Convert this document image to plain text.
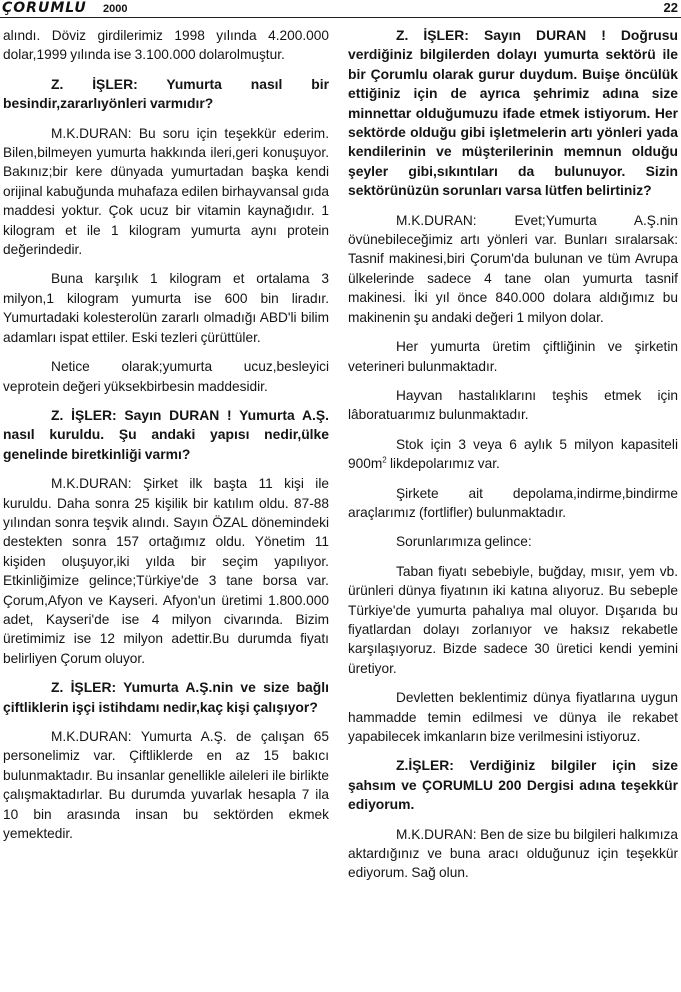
ÇORUMLU 2000	22

alındı. Döviz girdilerimiz 1998 yılında 4.200.000 dolar,1999 yılında ise 3.100.000 dolarolmuştur.

Z. İŞLER: Yumurta nasıl bir besindir,zararlıyönleri varmıdır?

M.K.DURAN: Bu soru için teşekkür ederim. Bilen,bilmeyen yumurta hakkında ileri,geri konuşuyor. Bakınız;bir kere dünyada yumurtadan başka kendi orijinal kabuğunda muhafaza edilen birhayvansal gıda maddesi yoktur. Çok ucuz bir vitamin kaynağıdır. 1 kilogram et ile 1 kilogram yumurta aynı protein değerindedir.

Buna karşılık 1 kilogram et ortalama 3 milyon,1 kilogram yumurta ise 600 bin liradır. Yumurtadaki kolesterolün zararlı olmadığı ABD'li bilim adamları ispat ettiler. Eski tezleri çürüttüler.

Netice olarak;yumurta ucuz,besleyici veprotein değeri yüksekbirbesin maddesidir.

Z. İŞLER: Sayın DURAN ! Yumurta A.Ş. nasıl kuruldu. Şu andaki yapısı nedir,ülke genelinde biretkinliği varmı?

M.K.DURAN: Şirket ilk başta 11 kişi ile kuruldu. Daha sonra 25 kişilik bir katılım oldu. 87-88 yılından sonra teşvik alındı. Sayın ÖZAL dönemindeki destekten sonra 157 ortağımız oldu. Yönetim 11 kişiden oluşuyor,iki yılda bir seçim yapılıyor. Etkinliğimize gelince;Türkiye'de 3 tane borsa var. Çorum,Afyon ve Kayseri. Afyon'un üretimi 1.800.000 adet, Kayseri'de ise 4 milyon civarında. Bizim üretimimiz ise 12 milyon adettir.Bu durumda fiyatı belirliyen Çorum oluyor.

Z. İŞLER: Yumurta A.Ş.nin ve size bağlı çiftliklerin işçi istihdamı nedir,kaç kişi çalışıyor?

M.K.DURAN: Yumurta A.Ş. de çalışan 65 personelimiz var. Çiftliklerde en az 15 bakıcı bulunmaktadır. Bu insanlar genellikle aileleri ile birlikte çalışmaktadırlar. Bu durumda yuvarlak hesapla 7 ila 10 bin arasında insan bu sektörden ekmek yemektedir.

Z. İŞLER: Sayın DURAN ! Doğrusu verdiğiniz bilgilerden dolayı yumurta sektörü ile bir Çorumlu olarak gurur duydum. Buişe öncülük ettiğiniz için de ayrıca şehrimiz adına size minnettar olduğumuzu ifade etmek istiyorum. Her sektörde olduğu gibi işletmelerin artı yönleri yada kendilerinin ve müşterilerinin memnun olduğu şeyler gibi,sıkıntıları da bulunuyor. Sizin sektörünüzün sorunları varsa lütfen belirtiniz?

M.K.DURAN: Evet;Yumurta A.Ş.nin övünebileceğimiz artı yönleri var. Bunları sıralarsak: Tasnif makinesi,biri Çorum'da bulunan ve tüm Avrupa ülkelerinde sadece 4 tane olan yumurta tasnif makinesi. İki yıl önce 840.000 dolara aldığımız bu makinenin şu andaki değeri 1 milyon dolar.

Her yumurta üretim çiftliğinin ve şirketin veterineri bulunmaktadır.

Hayvan hastalıklarını teşhis etmek için lâboratuarımız bulunmaktadır.

Stok için 3 veya 6 aylık 5 milyon kapasiteli $900m^2$ likdepolarımız var.

Şirkete ait depolama,indirme,bindirme araçlarımız (fortlifler) bulunmaktadır.

Sorunlarımıza gelince:

Taban fiyatı sebebiyle, buğday, mısır, yem vb. ürünleri dünya fiyatının iki katına alıyoruz. Bu sebeple Türkiye'de yumurta pahalıya mal oluyor. Dışarıda bu fiyatlardan dolayı zorlanıyor ve haksız rekabetle karşılaşıyoruz. Bizde sadece 30 üretici kendi yemini üretiyor.

Devletten beklentimiz dünya fiyatlarına uygun hammadde temin edilmesi ve dünya ile rekabet yapabilecek imkanların bize verilmesini istiyoruz.

Z.İŞLER: Verdiğiniz bilgiler için size şahsım ve ÇORUMLU 200 Dergisi adına teşekkür ediyorum.

M.K.DURAN: Ben de size bu bilgileri halkımıza aktardığınız ve buna aracı olduğunuz için teşekkür ediyorum. Sağ olun.
